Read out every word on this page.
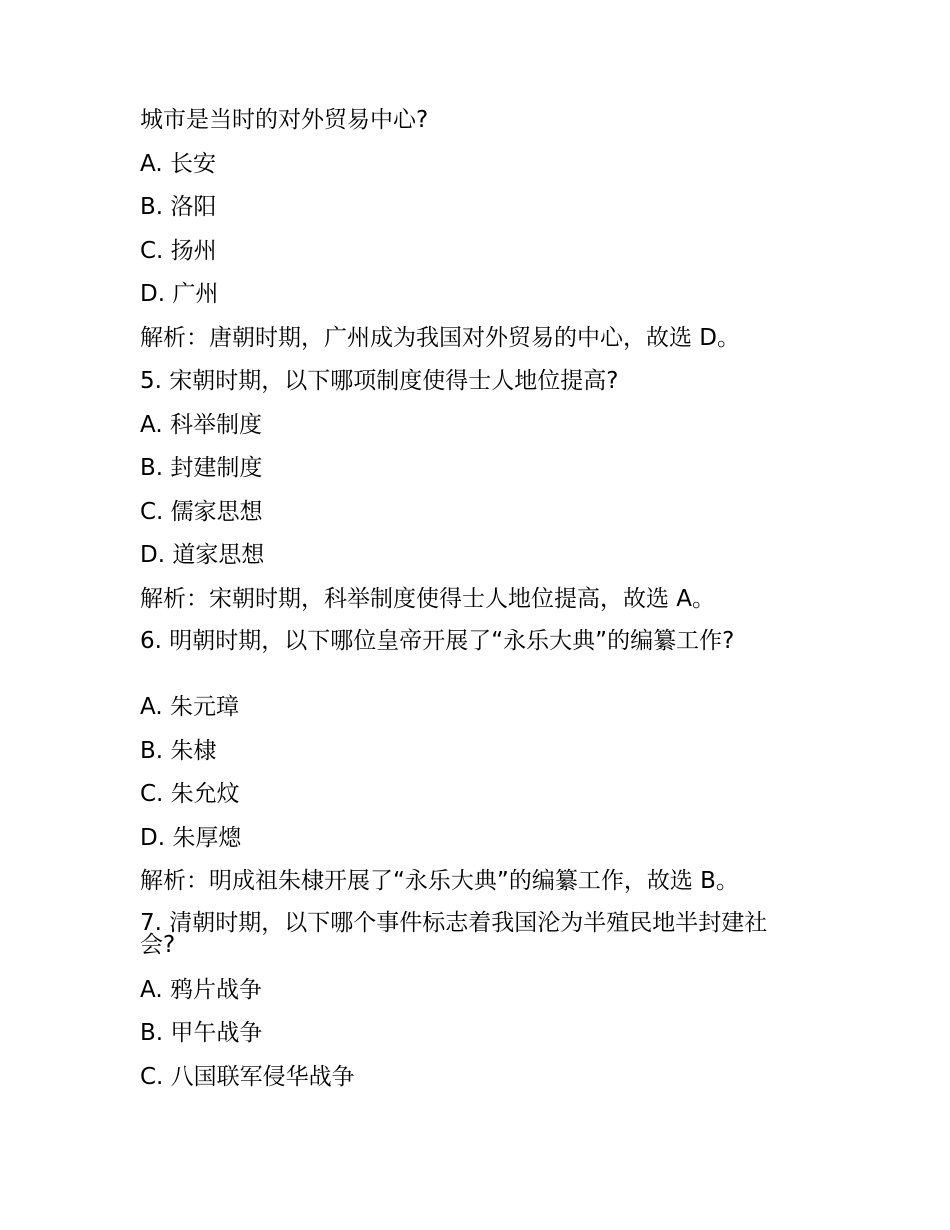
城市是当时的对外贸易中心?
A. 长安
B. 洛阳
C. 扬州
D. 广州
解析：唐朝时期，广州成为我国对外贸易的中心，故选 D。
5. 宋朝时期，以下哪项制度使得士人地位提高?
A. 科举制度
B. 封建制度
C. 儒家思想
D. 道家思想
解析：宋朝时期，科举制度使得士人地位提高，故选 A。
6. 明朝时期，以下哪位皇帝开展了“永乐大典”的编纂工作?
A. 朱元璋
B. 朱棣
C. 朱允炆
D. 朱厚熜
解析：明成祖朱棣开展了“永乐大典”的编纂工作，故选 B。
7. 清朝时期，以下哪个事件标志着我国沦为半殖民地半封建社会?
A. 鸦片战争
B. 甲午战争
C. 八国联军侵华战争
